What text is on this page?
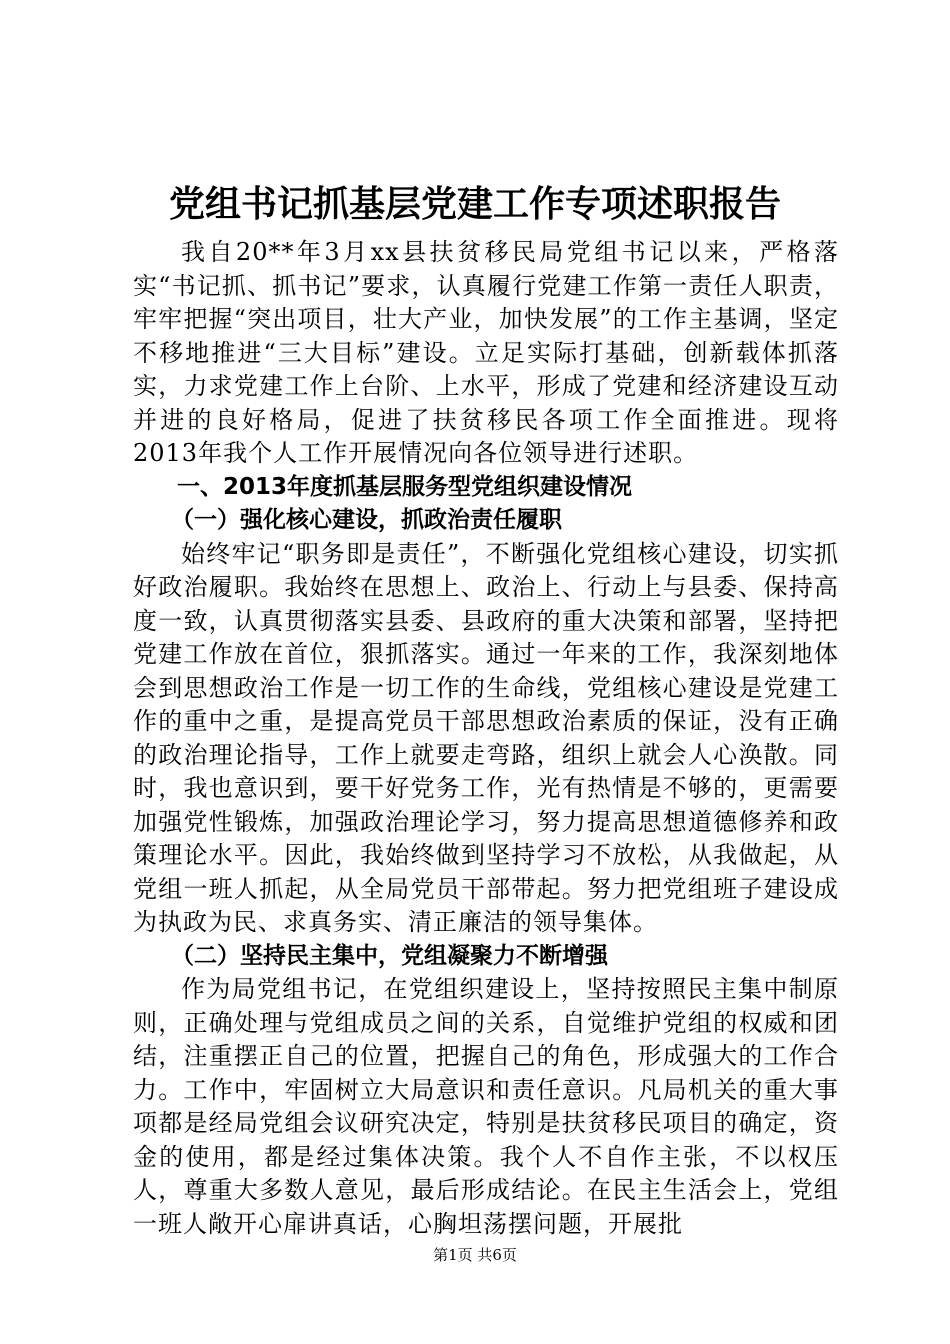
党组书记抓基层党建工作专项述职报告

我自20**年3月xx县扶贫移民局党组书记以来，严格落实“书记抓、抓书记”要求，认真履行党建工作第一责任人职责，牢牢把握“突出项目，壮大产业，加快发展”的工作主基调，坚定不移地推进“三大目标”建设。立足实际打基础，创新载体抓落实，力求党建工作上台阶、上水平，形成了党建和经济建设互动并进的良好格局，促进了扶贫移民各项工作全面推进。现将2013年我个人工作开展情况向各位领导进行述职。

一、2013年度抓基层服务型党组织建设情况

（一）强化核心建设，抓政治责任履职

始终牢记“职务即是责任”，不断强化党组核心建设，切实抓好政治履职。我始终在思想上、政治上、行动上与县委、保持高度一致，认真贯彻落实县委、县政府的重大决策和部署，坚持把党建工作放在首位，狠抓落实。通过一年来的工作，我深刻地体会到思想政治工作是一切工作的生命线，党组核心建设是党建工作的重中之重，是提高党员干部思想政治素质的保证，没有正确的政治理论指导，工作上就要走弯路，组织上就会人心涣散。同时，我也意识到，要干好党务工作，光有热情是不够的，更需要加强党性锻炼，加强政治理论学习，努力提高思想道德修养和政策理论水平。因此，我始终做到坚持学习不放松，从我做起，从党组一班人抓起，从全局党员干部带起。努力把党组班子建设成为执政为民、求真务实、清正廉洁的领导集体。

（二）坚持民主集中，党组凝聚力不断增强

作为局党组书记，在党组织建设上，坚持按照民主集中制原则，正确处理与党组成员之间的关系，自觉维护党组的权威和团结，注重摆正自己的位置，把握自己的角色，形成强大的工作合力。工作中，牢固树立大局意识和责任意识。凡局机关的重大事项都是经局党组会议研究决定，特别是扶贫移民项目的确定，资金的使用，都是经过集体决策。我个人不自作主张，不以权压人，尊重大多数人意见，最后形成结论。在民主生活会上，党组一班人敞开心扉讲真话，心胸坦荡摆问题，开展批

第1页 共6页
